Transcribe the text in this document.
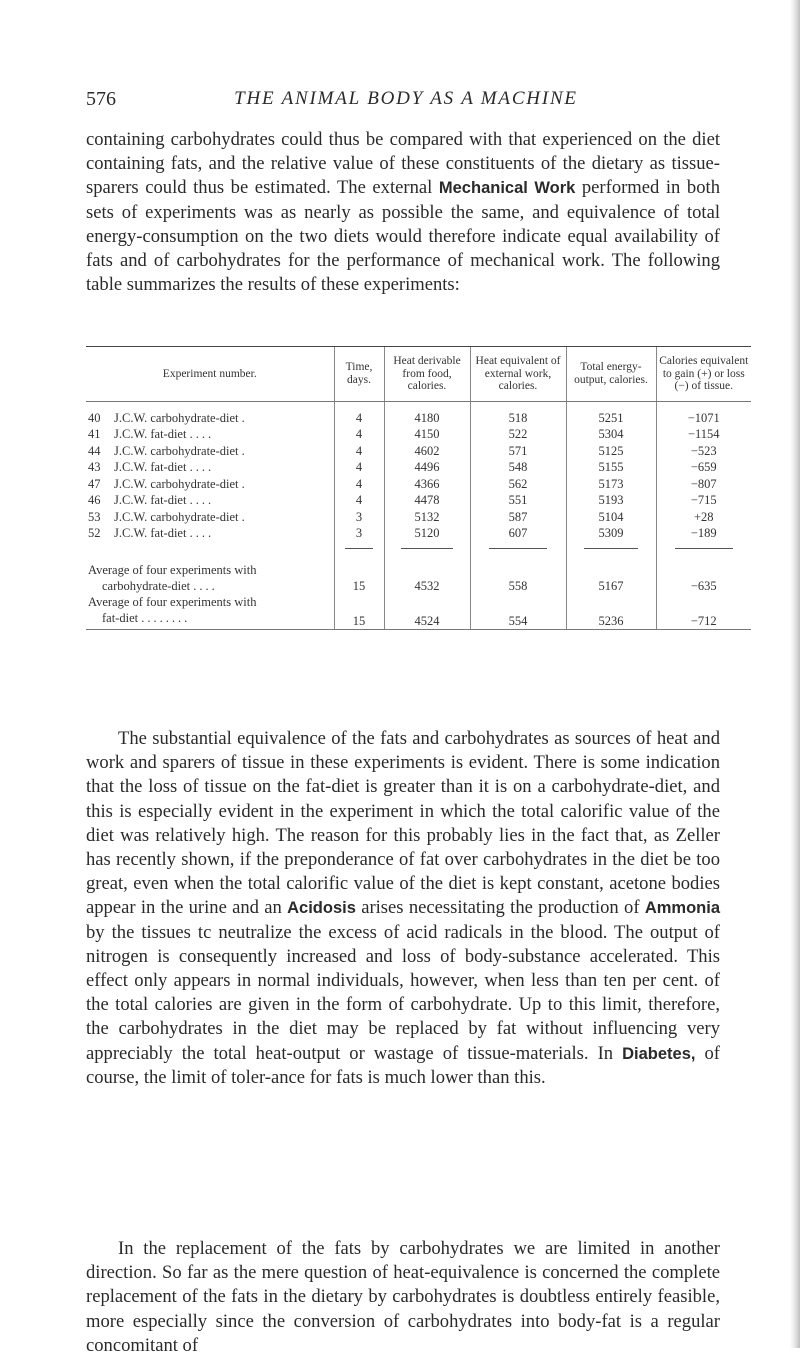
576	THE ANIMAL BODY AS A MACHINE

containing carbohydrates could thus be compared with that experienced on the diet containing fats, and the relative value of these constituents of the dietary as tissue-sparers could thus be estimated. The external Mechanical Work performed in both sets of experiments was as nearly as possible the same, and equivalence of total energy-consumption on the two diets would therefore indicate equal availability of fats and of carbohydrates for the performance of mechanical work. The following table summarizes the results of these experiments:

Experiment number.	Time, days.	Heat derivable from food, calories.	Heat equivalent of external work, calories.	Total energy-output, calories.	Calories equivalent to gain (+) or loss (−) of tissue.
40 J.C.W. carbohydrate-diet .	4	4180	518	5251	−1071
41 J.C.W. fat-diet ....	4	4150	522	5304	−1154
44 J.C.W. carbohydrate-diet .	4	4602	571	5125	−523
43 J.C.W. fat-diet ....	4	4496	548	5155	−659
47 J.C.W. carbohydrate-diet .	4	4366	562	5173	−807
46 J.C.W. fat-diet ....	4	4478	551	5193	−715
53 J.C.W. carbohydrate-diet .	3	5132	587	5104	+28
52 J.C.W. fat-diet ....	3	5120	607	5309	−189

Average of four experiments with
carbohydrate-diet ....	15	4532	558	5167	−635
Average of four experiments with
fat-diet ........	15	4524	554	5236	−712

The substantial equivalence of the fats and carbohydrates as sources of heat and work and sparers of tissue in these experiments is evident. There is some indication that the loss of tissue on the fat-diet is greater than it is on a carbohydrate-diet, and this is especially evident in the experiment in which the total calorific value of the diet was relatively high. The reason for this probably lies in the fact that, as Zeller has recently shown, if the preponderance of fat over carbohydrates in the diet be too great, even when the total calorific value of the diet is kept constant, acetone bodies appear in the urine and an Acidosis arises necessitating the production of Ammonia by the tissues tc neutralize the excess of acid radicals in the blood. The output of nitrogen is consequently increased and loss of body-substance accelerated. This effect only appears in normal individuals, however, when less than ten per cent. of the total calories are given in the form of carbohydrate. Up to this limit, therefore, the carbohydrates in the diet may be replaced by fat without influencing very appreciably the total heat-output or wastage of tissue-materials. In Diabetes, of course, the limit of toler-ance for fats is much lower than this.

In the replacement of the fats by carbohydrates we are limited in another direction. So far as the mere question of heat-equivalence is concerned the complete replacement of the fats in the dietary by carbohydrates is doubtless entirely feasible, more especially since the conversion of carbohydrates into body-fat is a regular concomitant of
